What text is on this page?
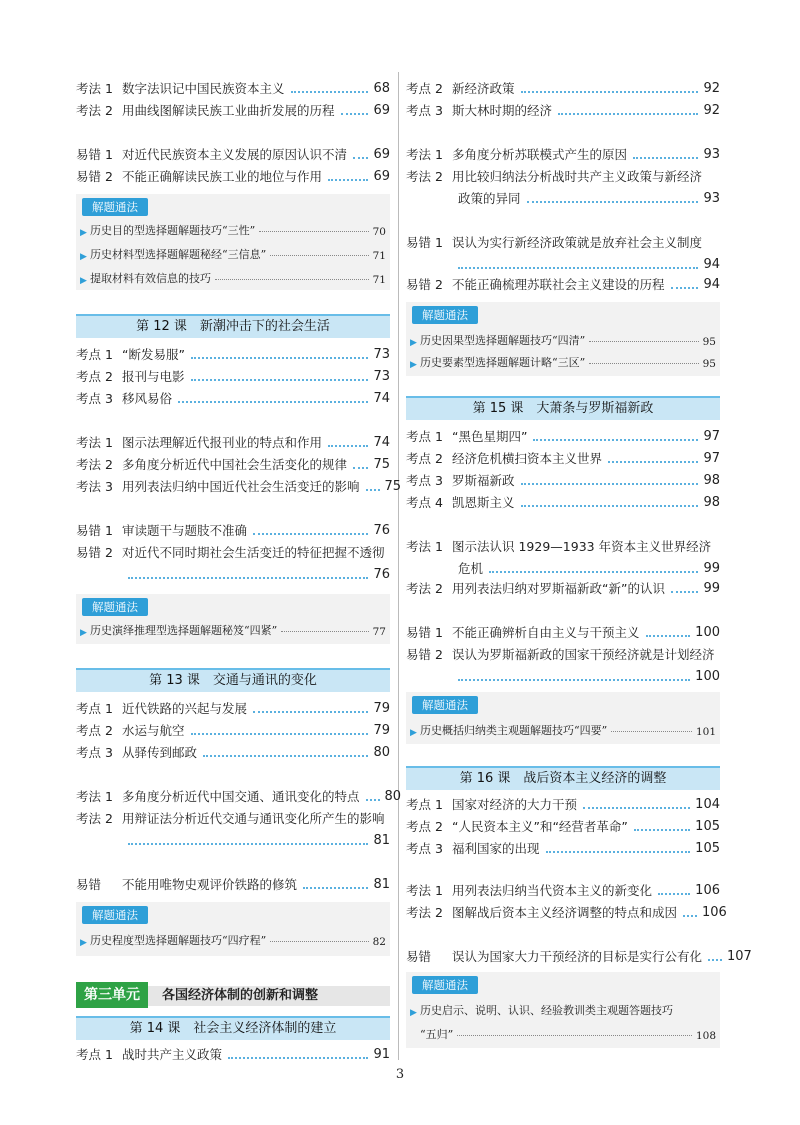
考法 1 数字法识记中国民族资本主义	68
考法 2 用曲线图解读民族工业曲折发展的历程	69
易错 1 对近代民族资本主义发展的原因认识不清 69
易错 2 不能正确解读民族工业的地位与作用	69
解题通法
▶ 历史目的型选择题解题技巧“三性”	70
▶ 历史材料型选择题解题秘经“三信息”	71
▶ 提取材料有效信息的技巧	71
第 12 课　新潮冲击下的社会生活
考点 1 “断发易服”	73
考点 2 报刊与电影	73
考点 3 移风易俗	74
考法 1 图示法理解近代报刊业的特点和作用	74
考法 2 多角度分析近代中国社会生活变化的规律 75
考法 3 用列表法归纳中国近代社会生活变迁的影响 75
易错 1 审读题干与题肢不准确	76
易错 2 对近代不同时期社会生活变迁的特征把握不透彻
76
解题通法
▶ 历史演绎推理型选择题解题秘笈“四紧”	77
第 13 课　交通与通讯的变化
考点 1 近代铁路的兴起与发展	79
考点 2 水运与航空	79
考点 3 从驿传到邮政	80
考法 1 多角度分析近代中国交通、通讯变化的特点 80
考法 2 用辩证法分析近代交通与通讯变化所产生的影响
81
易错	不能用唯物史观评价铁路的修筑	81
解题通法
▶ 历史程度型选择题解题技巧“四疗程”	82
第三单元	各国经济体制的创新和调整
第 14 课　社会主义经济体制的建立
考点 1 战时共产主义政策	91
考点 2 新经济政策	92
考点 3 斯大林时期的经济	92
考法 1 多角度分析苏联模式产生的原因	93
考法 2 用比较归纳法分析战时共产主义政策与新经济
政策的异同	93
易错 1 误认为实行新经济政策就是放弃社会主义制度
94
易错 2 不能正确梳理苏联社会主义建设的历程	94
解题通法
▶ 历史因果型选择题解题技巧“四清”	95
▶ 历史要素型选择题解题计略“三区”	95
第 15 课　大萧条与罗斯福新政
考点 1 “黑色星期四”	97
考点 2 经济危机横扫资本主义世界	97
考点 3 罗斯福新政	98
考点 4 凯恩斯主义	98
考法 1 图示法认识 1929—1933 年资本主义世界经济
危机	99
考法 2 用列表法归纳对罗斯福新政“新”的认识	99
易错 1 不能正确辨析自由主义与干预主义	100
易错 2 误认为罗斯福新政的国家干预经济就是计划经济
100
解题通法
▶ 历史概括归纳类主观题解题技巧“四要”	101
第 16 课　战后资本主义经济的调整
考点 1 国家对经济的大力干预	104
考点 2 “人民资本主义”和“经营者革命”	105
考点 3 福利国家的出现	105
考法 1 用列表法归纳当代资本主义的新变化	106
考法 2 图解战后资本主义经济调整的特点和成因 106
易错	误认为国家大力干预经济的目标是实行公有化 107
解题通法
▶ 历史启示、说明、认识、经验教训类主观题答题技巧
“五归”	108
3
